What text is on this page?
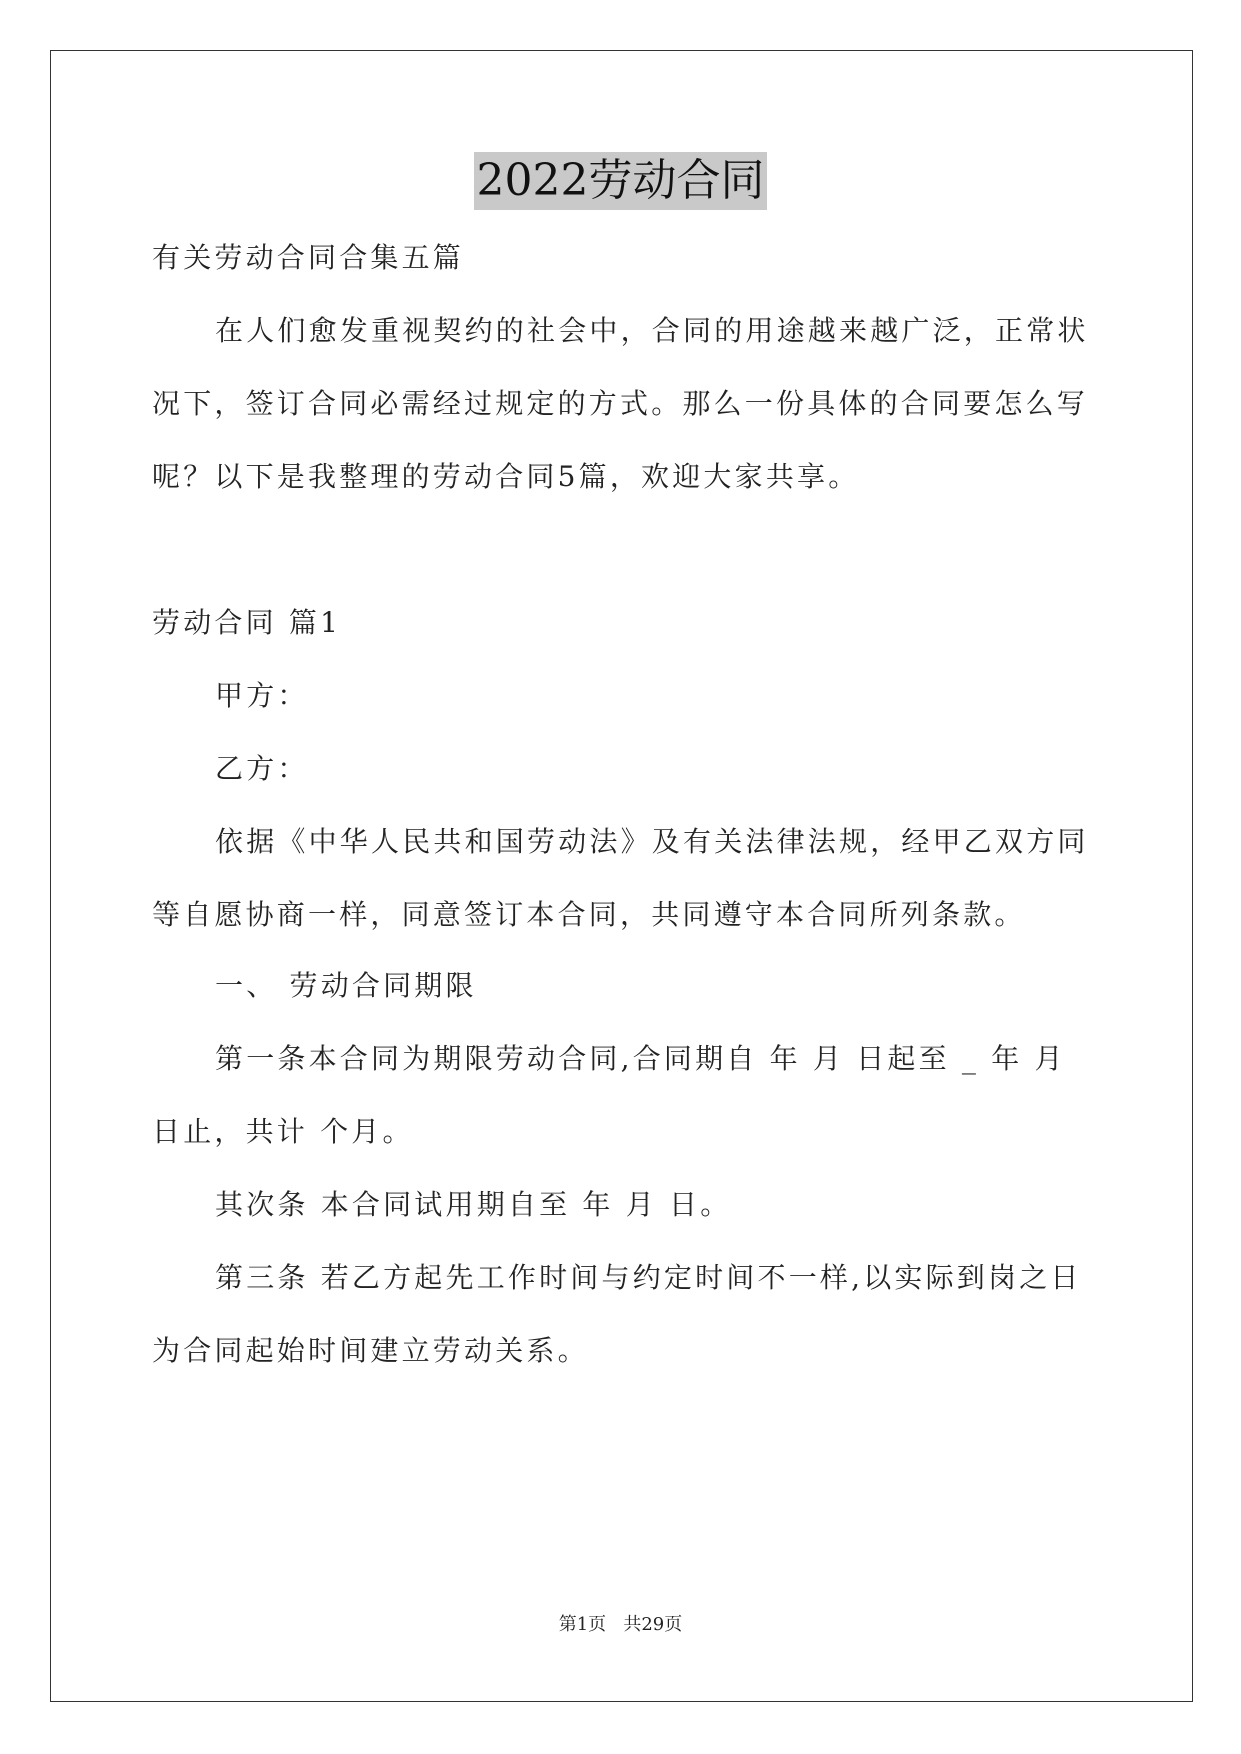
2022劳动合同
有关劳动合同合集五篇
在人们愈发重视契约的社会中，合同的用途越来越广泛，正常状
况下，签订合同必需经过规定的方式。那么一份具体的合同要怎么写
呢？以下是我整理的劳动合同5篇，欢迎大家共享。
劳动合同 篇1
甲方：
乙方：
依据《中华人民共和国劳动法》及有关法律法规，经甲乙双方同
等自愿协商一样，同意签订本合同，共同遵守本合同所列条款。
一、 劳动合同期限
第一条本合同为期限劳动合同,合同期自 年 月 日起至 _ 年 月
日止，共计 个月。
其次条 本合同试用期自至 年 月 日。
第三条 若乙方起先工作时间与约定时间不一样,以实际到岗之日
为合同起始时间建立劳动关系。
第1页   共29页
